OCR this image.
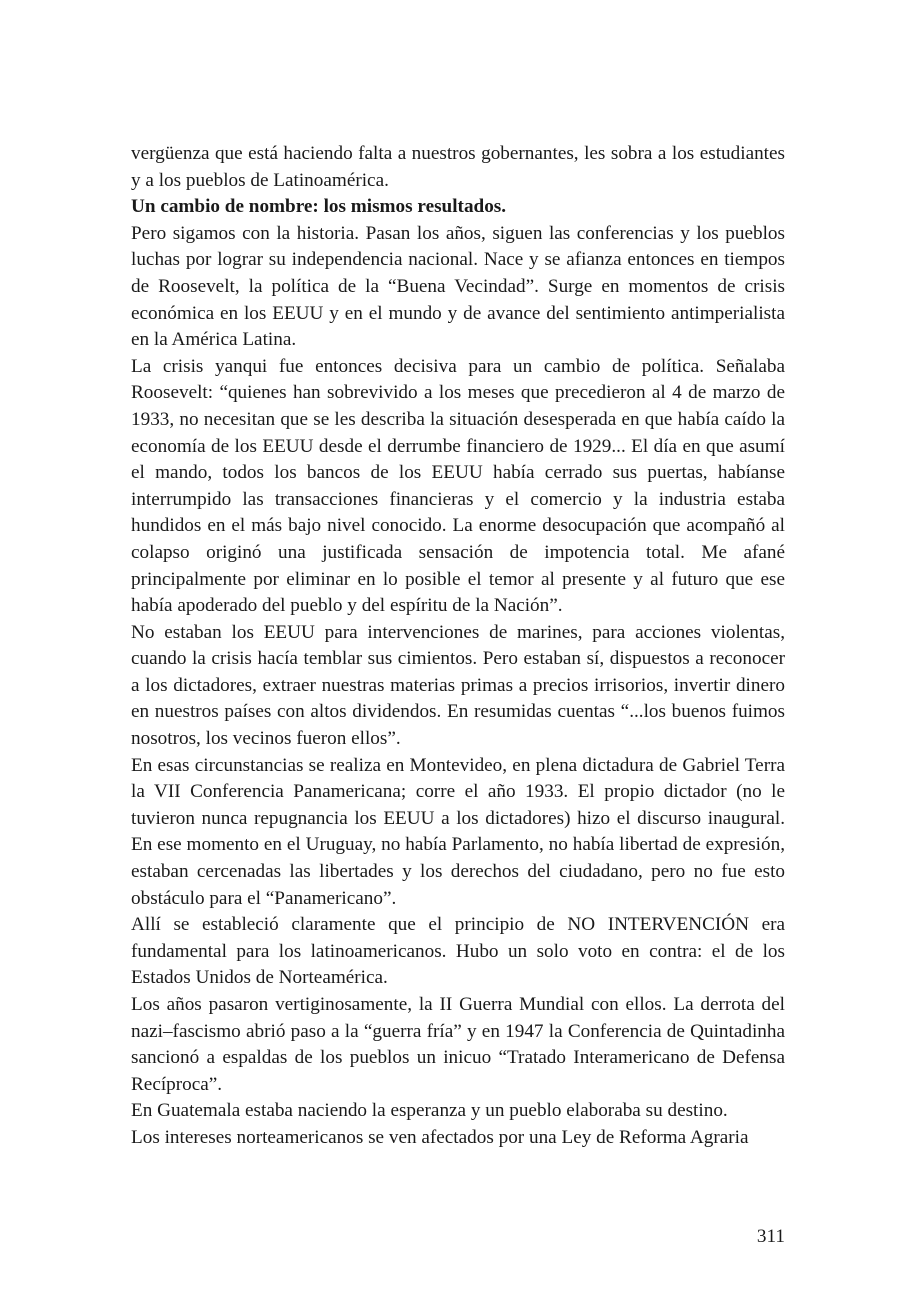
vergüenza que está haciendo falta a nuestros gobernantes, les sobra a los estudiantes y a los pueblos de Latinoamérica.

Un cambio de nombre: los mismos resultados.

Pero sigamos con la historia. Pasan los años, siguen las conferencias y los pueblos luchas por lograr su independencia nacional. Nace y se afianza entonces en tiempos de Roosevelt, la política de la “Buena Vecindad”. Surge en momentos de crisis económica en los EEUU y en el mundo y de avance del sentimiento antimperialista en la América Latina.

La crisis yanqui fue entonces decisiva para un cambio de política. Señalaba Roosevelt: “quienes han sobrevivido a los meses que precedieron al 4 de marzo de 1933, no necesitan que se les describa la situación desesperada en que había caído la economía de los EEUU desde el derrumbe financiero de 1929... El día en que asumí el mando, todos los bancos de los EEUU había cerrado sus puertas, habíanse interrumpido las transacciones financieras y el comercio y la industria estaba hundidos en el más bajo nivel conocido. La enorme desocupación que acompañó al colapso originó una justificada sensación de impotencia total. Me afané principalmente por eliminar en lo posible el temor al presente y al futuro que ese había apoderado del pueblo y del espíritu de la Nación”.

No estaban los EEUU para intervenciones de marines, para acciones violentas, cuando la crisis hacía temblar sus cimientos. Pero estaban sí, dispuestos a reconocer a los dictadores, extraer nuestras materias primas a precios irrisorios, invertir dinero en nuestros países con altos dividendos. En resumidas cuentas “...los buenos fuimos nosotros, los vecinos fueron ellos”.

En esas circunstancias se realiza en Montevideo, en plena dictadura de Gabriel Terra la VII Conferencia Panamericana; corre el año 1933. El propio dictador (no le tuvieron nunca repugnancia los EEUU a los dictadores) hizo el discurso inaugural. En ese momento en el Uruguay, no había Parlamento, no había libertad de expresión, estaban cercenadas las libertades y los derechos del ciudadano, pero no fue esto obstáculo para el “Panamericano”.

Allí se estableció claramente que el principio de NO INTERVENCIÓN era fundamental para los latinoamericanos. Hubo un solo voto en contra: el de los Estados Unidos de Norteamérica.

Los años pasaron vertiginosamente, la II Guerra Mundial con ellos. La derrota del nazi–fascismo abrió paso a la “guerra fría” y en 1947 la Conferencia de Quintadinha sancionó a espaldas de los pueblos un inicuo “Tratado Interamericano de Defensa Recíproca”.

En Guatemala estaba naciendo la esperanza y un pueblo elaboraba su destino.

Los intereses norteamericanos se ven afectados por una Ley de Reforma Agraria

311
